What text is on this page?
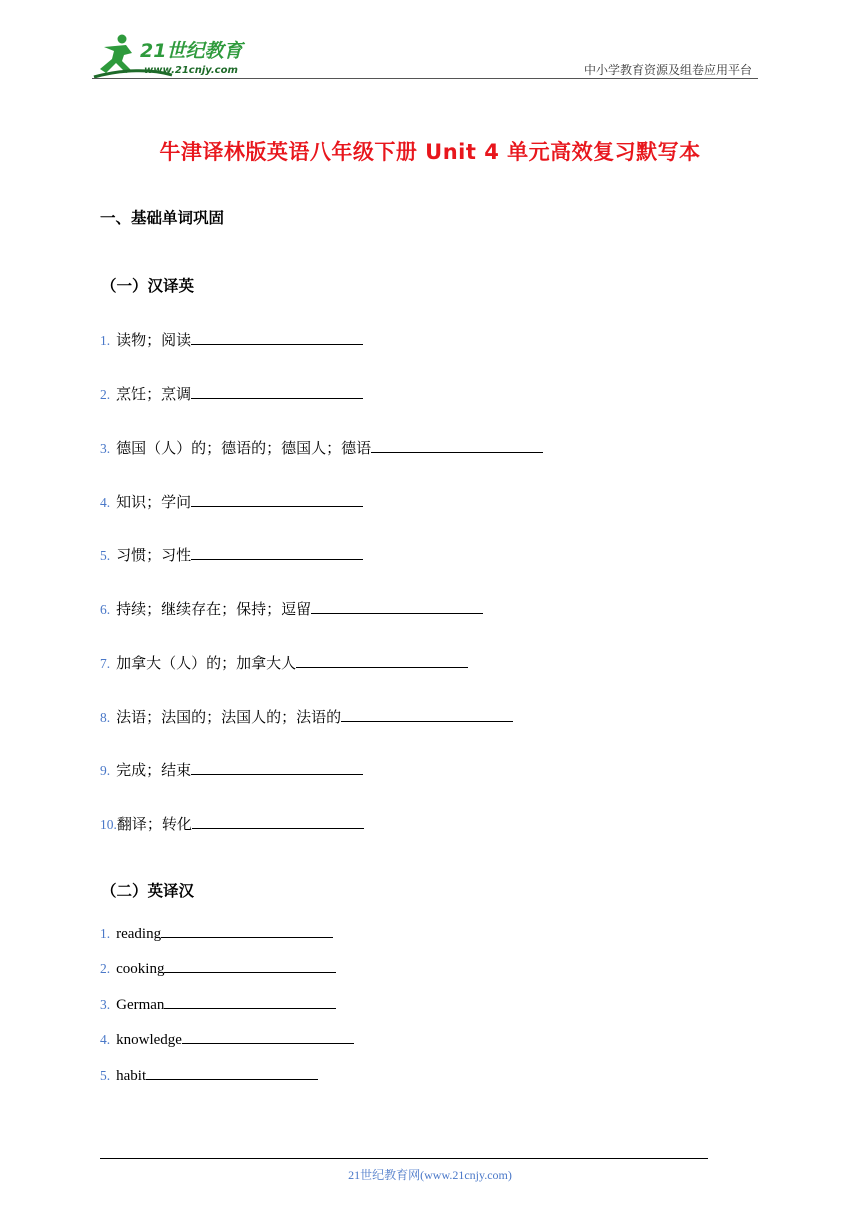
21世纪教育
www.21cnjy.com	中小学教育资源及组卷应用平台
牛津译林版英语八年级下册 Unit 4 单元高效复习默写本
一、基础单词巩固
（一）汉译英
1. 读物；阅读
2. 烹饪；烹调
3. 德国（人）的；德语的；德国人；德语
4. 知识；学问
5. 习惯；习性
6. 持续；继续存在；保持；逗留
7. 加拿大（人）的；加拿大人
8. 法语；法国的；法国人的；法语的
9. 完成；结束
10. 翻译；转化
（二）英译汉
1. reading
2. cooking
3. German
4. knowledge
5. habit
21世纪教育网(www.21cnjy.com)
